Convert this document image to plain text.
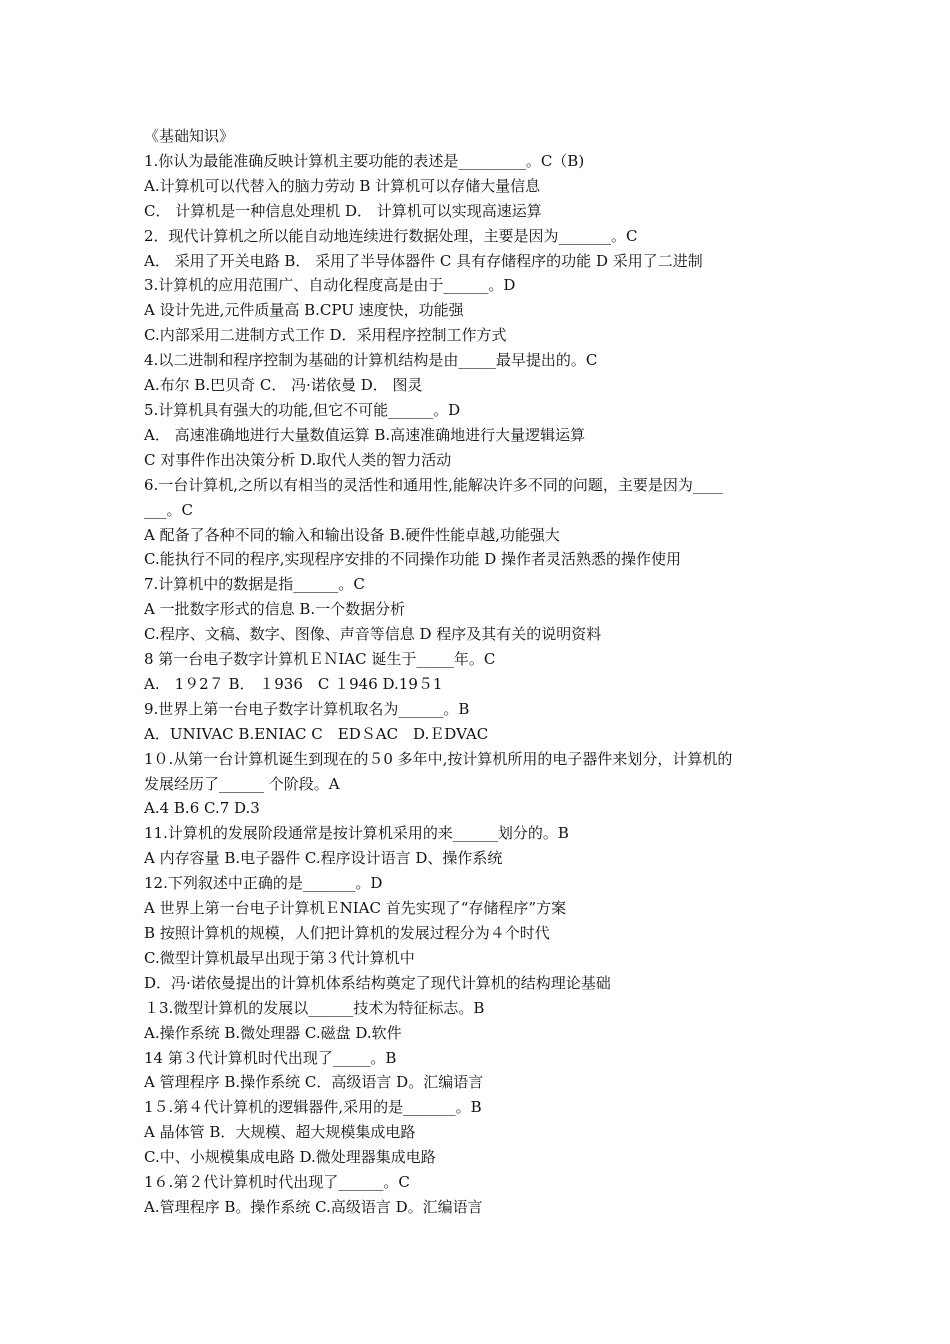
《基础知识》
1.你认为最能准确反映计算机主要功能的表述是_________。C（B)
A.计算机可以代替入的脑力劳动 B 计算机可以存储大量信息
C． 计算机是一种信息处理机 D． 计算机可以实现高速运算
2．现代计算机之所以能自动地连续进行数据处理，主要是因为_______。C
A． 采用了开关电路 B． 采用了半导体器件 C 具有存储程序的功能 D 采用了二进制
3.计算机的应用范围广、自动化程度高是由于______。D
A 设计先进,元件质量高 B.CPU 速度快，功能强
C.内部采用二进制方式工作 D．采用程序控制工作方式
4.以二进制和程序控制为基础的计算机结构是由_____最早提出的。C
A.布尔 B.巴贝奇 C． 冯·诺依曼 D． 图灵
5.计算机具有强大的功能,但它不可能______。D
A． 高速准确地进行大量数值运算 B.高速准确地进行大量逻辑运算
C 对事件作出决策分析 D.取代人类的智力活动
6.一台计算机,之所以有相当的灵活性和通用性,能解决许多不同的问题，主要是因为____
___。C
A 配备了各种不同的输入和输出设备 B.硬件性能卓越,功能强大
C.能执行不同的程序,实现程序安排的不同操作功能 D 操作者灵活熟悉的操作使用
7.计算机中的数据是指______。C
A 一批数字形式的信息 B.一个数据分析
C.程序、文稿、数字、图像、声音等信息 D 程序及其有关的说明资料
8 第一台电子数字计算机ＥＮIAC 诞生于_____年。C
A.　1９2７ B． １936　C １946 D.19５1
9.世界上第一台电子数字计算机取名为______。B
A．UNIVAC B.ENIAC C　EDＳAC　D.ＥDVAC
1０.从第一台计算机诞生到现在的５0 多年中,按计算机所用的电子器件来划分，计算机的
发展经历了______ 个阶段。A
A.4 B.6 C.7 D.3
11.计算机的发展阶段通常是按计算机采用的来______划分的。B
A 内存容量 B.电子器件 C.程序设计语言 D、操作系统
12.下列叙述中正确的是_______。D
A 世界上第一台电子计算机ＥNIAC 首先实现了“存储程序”方案
B 按照计算机的规模，人们把计算机的发展过程分为４个时代
C.微型计算机最早出现于第３代计算机中
D．冯·诺依曼提出的计算机体系结构奠定了现代计算机的结构理论基础
１3.微型计算机的发展以______技术为特征标志。B
A.操作系统 B.微处理器 C.磁盘 D.软件
14 第３代计算机时代出现了_____。B
A 管理程序 B.操作系统 C．高级语言 D。汇编语言
1５.第４代计算机的逻辑器件,采用的是_______。B
A 晶体管 B．大规模、超大规模集成电路
C.中、小规模集成电路 D.微处理器集成电路
1６.第２代计算机时代出现了______。C
A.管理程序 B。操作系统 C.高级语言 D。汇编语言
